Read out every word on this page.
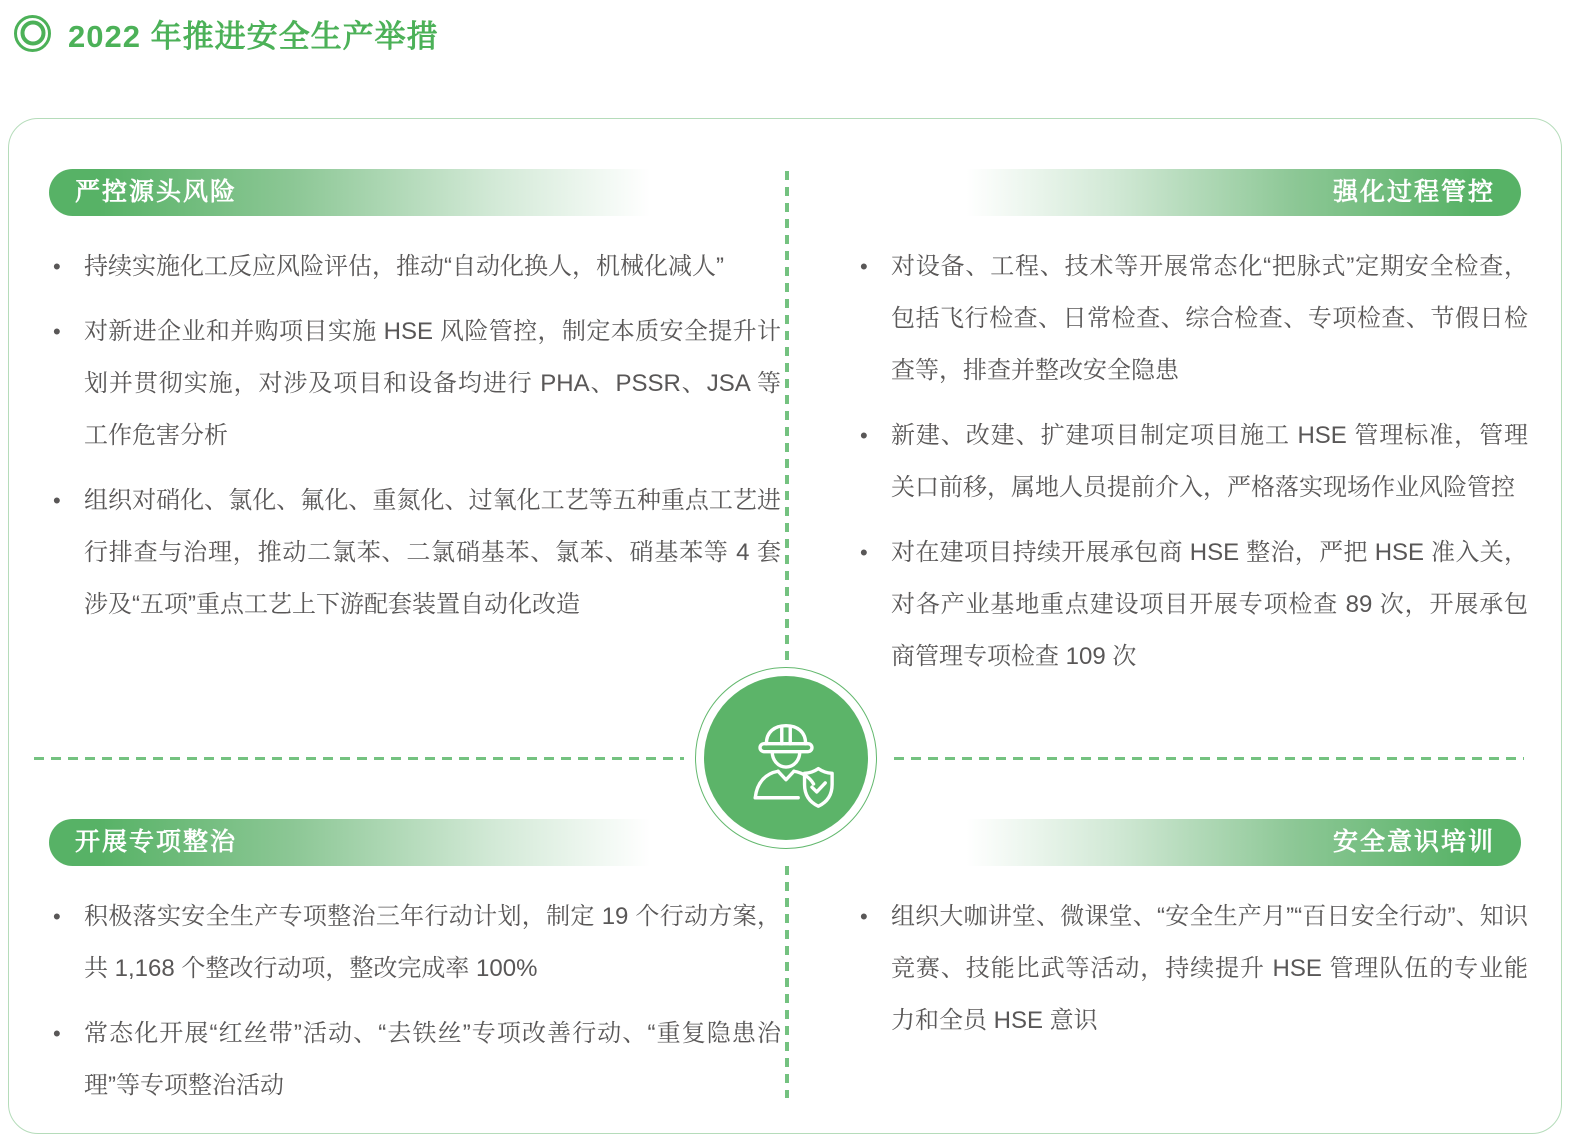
2022 年推进安全生产举措
严控源头风险	强化过程管控
开展专项整治	安全意识培训
• 持续实施化工反应风险评估，推动“自动化换人，机械化减人”
• 对新进企业和并购项目实施 HSE 风险管控，制定本质安全提升计划并贯彻实施，对涉及项目和设备均进行 PHA、PSSR、JSA 等工作危害分析
• 组织对硝化、氯化、氟化、重氮化、过氧化工艺等五种重点工艺进行排查与治理，推动二氯苯、二氯硝基苯、氯苯、硝基苯等 4 套涉及“五项”重点工艺上下游配套装置自动化改造
• 对设备、工程、技术等开展常态化“把脉式”定期安全检查，包括飞行检查、日常检查、综合检查、专项检查、节假日检查等，排查并整改安全隐患
• 新建、改建、扩建项目制定项目施工 HSE 管理标准，管理关口前移，属地人员提前介入，严格落实现场作业风险管控
• 对在建项目持续开展承包商 HSE 整治，严把 HSE 准入关，对各产业基地重点建设项目开展专项检查 89 次，开展承包商管理专项检查 109 次
• 积极落实安全生产专项整治三年行动计划，制定 19 个行动方案，共 1,168 个整改行动项，整改完成率 100%
• 常态化开展“红丝带”活动、“去铁丝”专项改善行动、“重复隐患治理”等专项整治活动
• 组织大咖讲堂、微课堂、“安全生产月”“百日安全行动”、知识竞赛、技能比武等活动，持续提升 HSE 管理队伍的专业能力和全员 HSE 意识
